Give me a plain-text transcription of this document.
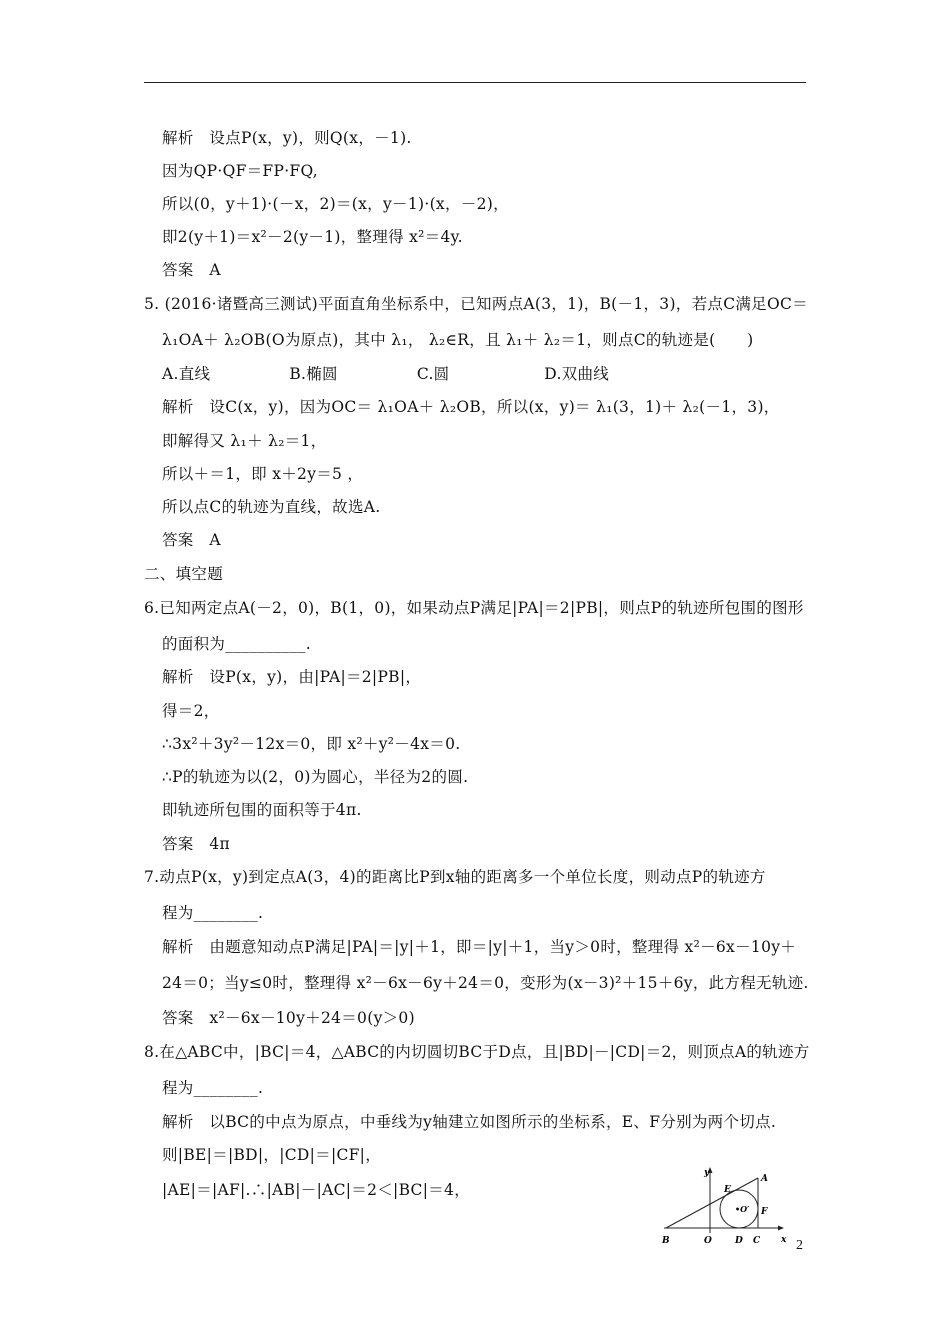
解析　设点P(x，y)，则Q(x，－1).
因为QP·QF＝FP·FQ,
所以(0，y＋1)·(－x，2)＝(x，y－1)·(x，－2)，
即2(y＋1)＝x²－2(y－1)，整理得 x²＝4y.
答案　A
5. (2016·诸暨高三测试)平面直角坐标系中，已知两点A(3，1)，B(－1，3)，若点C满足OC＝
λ₁OA＋ λ₂OB(O为原点)，其中 λ₁， λ₂∈R，且 λ₁＋ λ₂＝1，则点C的轨迹是(　　)
A.直线　　　　　B.椭圆　　　　　C.圆　　　　　　D.双曲线
解析　设C(x，y)，因为OC＝ λ₁OA＋ λ₂OB，所以(x，y)＝ λ₁(3，1)＋ λ₂(－1，3)，
即解得又 λ₁＋ λ₂＝1，
所以＋＝1，即 x＋2y＝5 ，
所以点C的轨迹为直线，故选A.
答案　A
二、填空题
6.已知两定点A(－2，0)，B(1，0)，如果动点P满足|PA|＝2|PB|，则点P的轨迹所包围的图形
的面积为__________.
解析　设P(x，y)，由|PA|＝2|PB|，
得＝2，
∴3x²＋3y²－12x＝0，即 x²＋y²－4x＝0.
∴P的轨迹为以(2，0)为圆心，半径为2的圆.
即轨迹所包围的面积等于4π.
答案　4π
7.动点P(x，y)到定点A(3，4)的距离比P到x轴的距离多一个单位长度，则动点P的轨迹方
程为________.
解析　由题意知动点P满足|PA|＝|y|＋1，即＝|y|＋1，当y＞0时，整理得 x²－6x－10y＋
24＝0；当y≤0时，整理得 x²－6x－6y＋24＝0，变形为(x－3)²＋15＋6y，此方程无轨迹.
答案　x²－6x－10y＋24＝0(y＞0)
8.在△ABC中，|BC|＝4，△ABC的内切圆切BC于D点，且|BD|－|CD|＝2，则顶点A的轨迹方
程为________.
解析　以BC的中点为原点，中垂线为y轴建立如图所示的坐标系，E、F分别为两个切点.
则|BE|＝|BD|，|CD|＝|CF|，
|AE|＝|AF|.∴|AB|－|AC|＝2＜|BC|＝4，
y
x
A
E
F
•O′
B	O	D C	2
